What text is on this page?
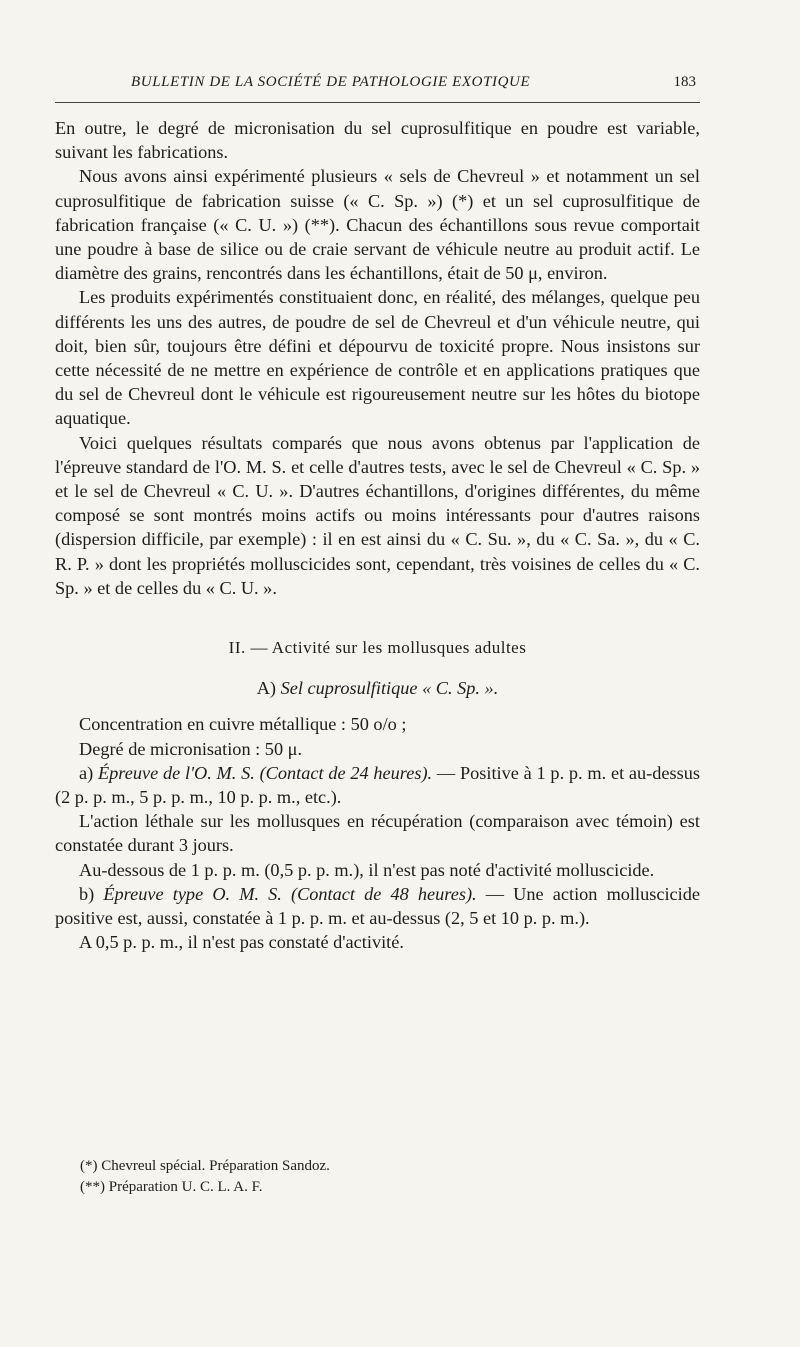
BULLETIN DE LA SOCIÉTÉ DE PATHOLOGIE EXOTIQUE	183

En outre, le degré de micronisation du sel cuprosulfitique en poudre est variable, suivant les fabrications.

Nous avons ainsi expérimenté plusieurs « sels de Chevreul » et notamment un sel cuprosulfitique de fabrication suisse (« C. Sp. ») (*) et un sel cuprosulfitique de fabrication française (« C. U. ») (**). Chacun des échantillons sous revue comportait une poudre à base de silice ou de craie servant de véhicule neutre au produit actif. Le diamètre des grains, rencontrés dans les échantillons, était de 50 μ, environ.

Les produits expérimentés constituaient donc, en réalité, des mélanges, quelque peu différents les uns des autres, de poudre de sel de Chevreul et d'un véhicule neutre, qui doit, bien sûr, toujours être défini et dépourvu de toxicité propre. Nous insistons sur cette nécessité de ne mettre en expérience de contrôle et en applications pratiques que du sel de Chevreul dont le véhicule est rigoureusement neutre sur les hôtes du biotope aquatique.

Voici quelques résultats comparés que nous avons obtenus par l'application de l'épreuve standard de l'O. M. S. et celle d'autres tests, avec le sel de Chevreul « C. Sp. » et le sel de Chevreul « C. U. ». D'autres échantillons, d'origines différentes, du même composé se sont montrés moins actifs ou moins intéressants pour d'autres raisons (dispersion difficile, par exemple) : il en est ainsi du « C. Su. », du « C. Sa. », du « C. R. P. » dont les propriétés molluscicides sont, cependant, très voisines de celles du « C. Sp. » et de celles du « C. U. ».

II. — Activité sur les mollusques adultes
A) Sel cuprosulfitique « C. Sp. ».

Concentration en cuivre métallique : 50 o/o ;

Degré de micronisation : 50 μ.

a) Épreuve de l'O. M. S. (Contact de 24 heures). — Positive à 1 p. p. m. et au-dessus (2 p. p. m., 5 p. p. m., 10 p. p. m., etc.).

L'action léthale sur les mollusques en récupération (comparaison avec témoin) est constatée durant 3 jours.

Au-dessous de 1 p. p. m. (0,5 p. p. m.), il n'est pas noté d'activité molluscicide.

b) Épreuve type O. M. S. (Contact de 48 heures). — Une action molluscicide positive est, aussi, constatée à 1 p. p. m. et au-dessus (2, 5 et 10 p. p. m.).

A 0,5 p. p. m., il n'est pas constaté d'activité.

(*) Chevreul spécial. Préparation Sandoz.
(**) Préparation U. C. L. A. F.
